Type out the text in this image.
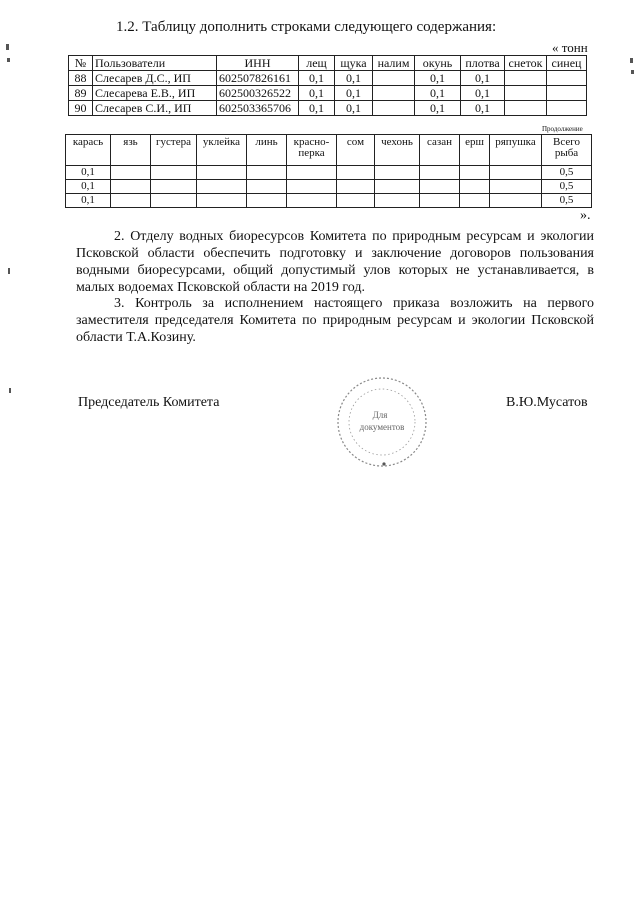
1.2. Таблицу дополнить строками следующего содержания:
« тонн
№	Пользователи	ИНН	лещ	щука	налим	окунь	плотва	снеток	синец
88	Слесарев Д.С., ИП	602507826161	0,1	0,1		0,1	0,1		
89	Слесарева Е.В., ИП	602500326522	0,1	0,1		0,1	0,1		
90	Слесарев С.И., ИП	602503365706	0,1	0,1		0,1	0,1		
Продолжение
карась	язь	густера	уклейка	линь	красно-перка	сом	чехонь	сазан	ерш	ряпушка	Всего рыба
0,1											0,5
0,1											0,5
0,1											0,5
».
2. Отделу водных биоресурсов Комитета по природным ресурсам и экологии Псковской области обеспечить подготовку и заключение договоров пользования водными биоресурсами, общий допустимый улов которых не устанавливается, в малых водоемах Псковской области на 2019 год.
3. Контроль за исполнением настоящего приказа возложить на первого заместителя председателя Комитета по природным ресурсам и экологии Псковской области Т.А.Козину.
Председатель Комитета
Для
документов
В.Ю.Мусатов
